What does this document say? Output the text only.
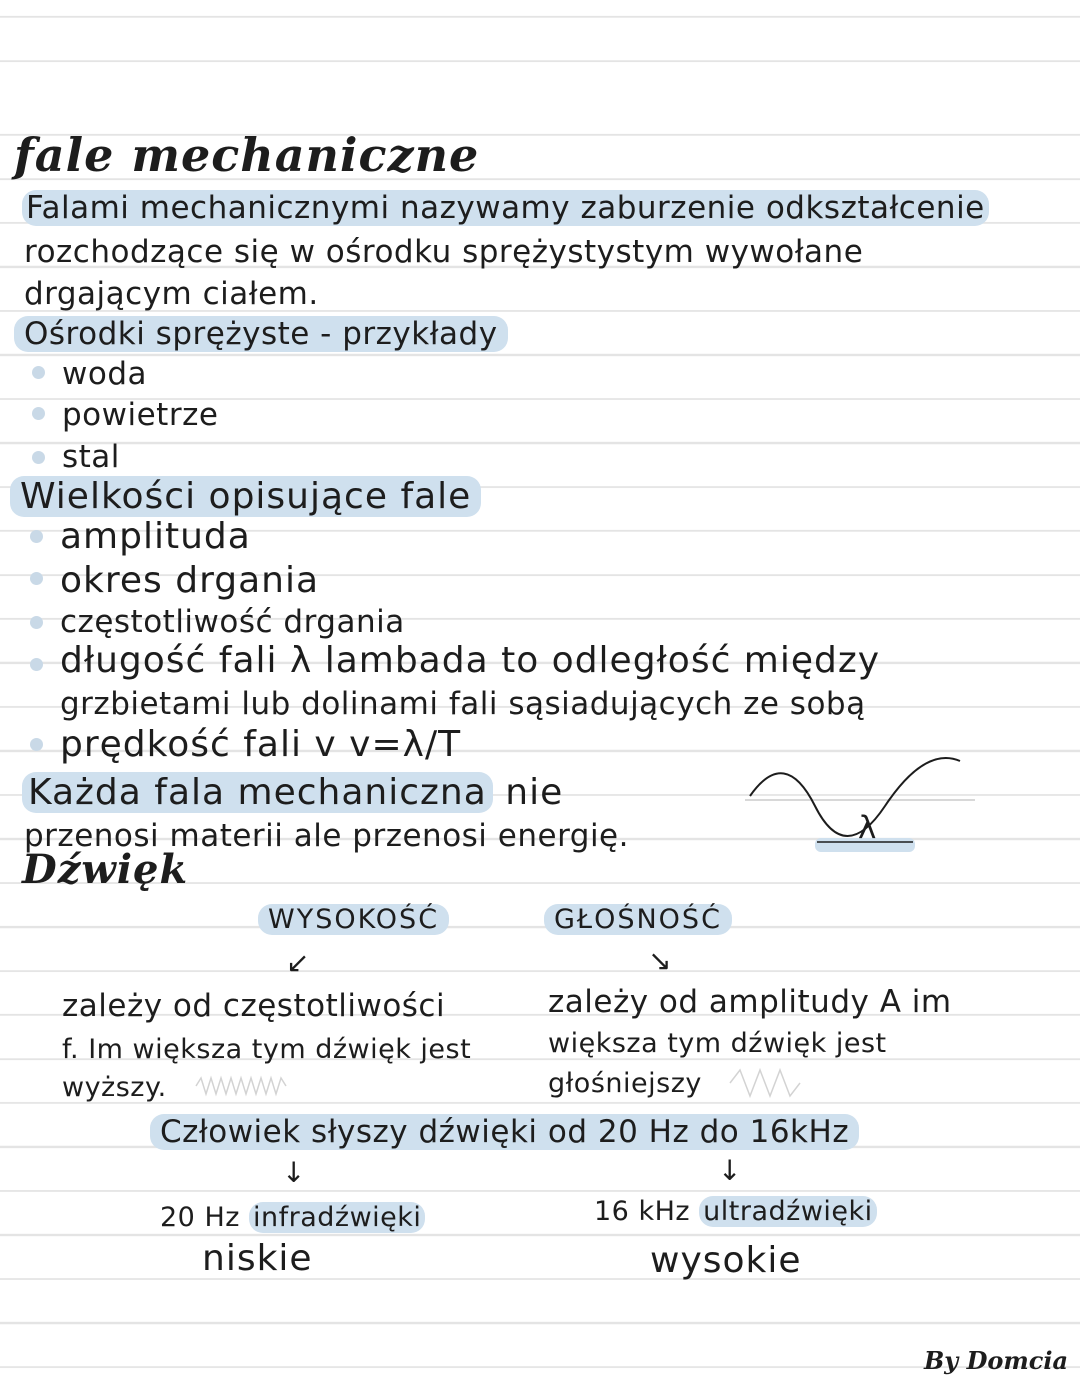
fale mechaniczne
Falami mechanicznymi nazywamy zaburzenie odkształcenie
rozchodzące się w ośrodku sprężystystym wywołane
drgającym ciałem.
Ośrodki sprężyste - przykłady
woda
powietrze
stal
Wielkości opisujące fale
amplituda
okres drgania
częstotliwość drgania
długość fali λ lambada to odległość między
grzbietami lub dolinami fali sąsiadujących ze sobą
prędkość fali v v=λ/T
Każda fala mechaniczna nie
przenosi materii ale przenosi energię.	λ
Dźwięk
WYSOKOŚĆ	GŁOŚNOŚĆ
↙	↘
zależy od częstotliwości
f. Im większa tym dźwięk jest
wyższy.
zależy od amplitudy A im
większa tym dźwięk jest
głośniejszy
Człowiek słyszy dźwięki od 20 Hz do 16kHz
↓	↓
20 Hz infradźwięki
niskie
16 kHz ultradźwięki
wysokie
By Domcia
